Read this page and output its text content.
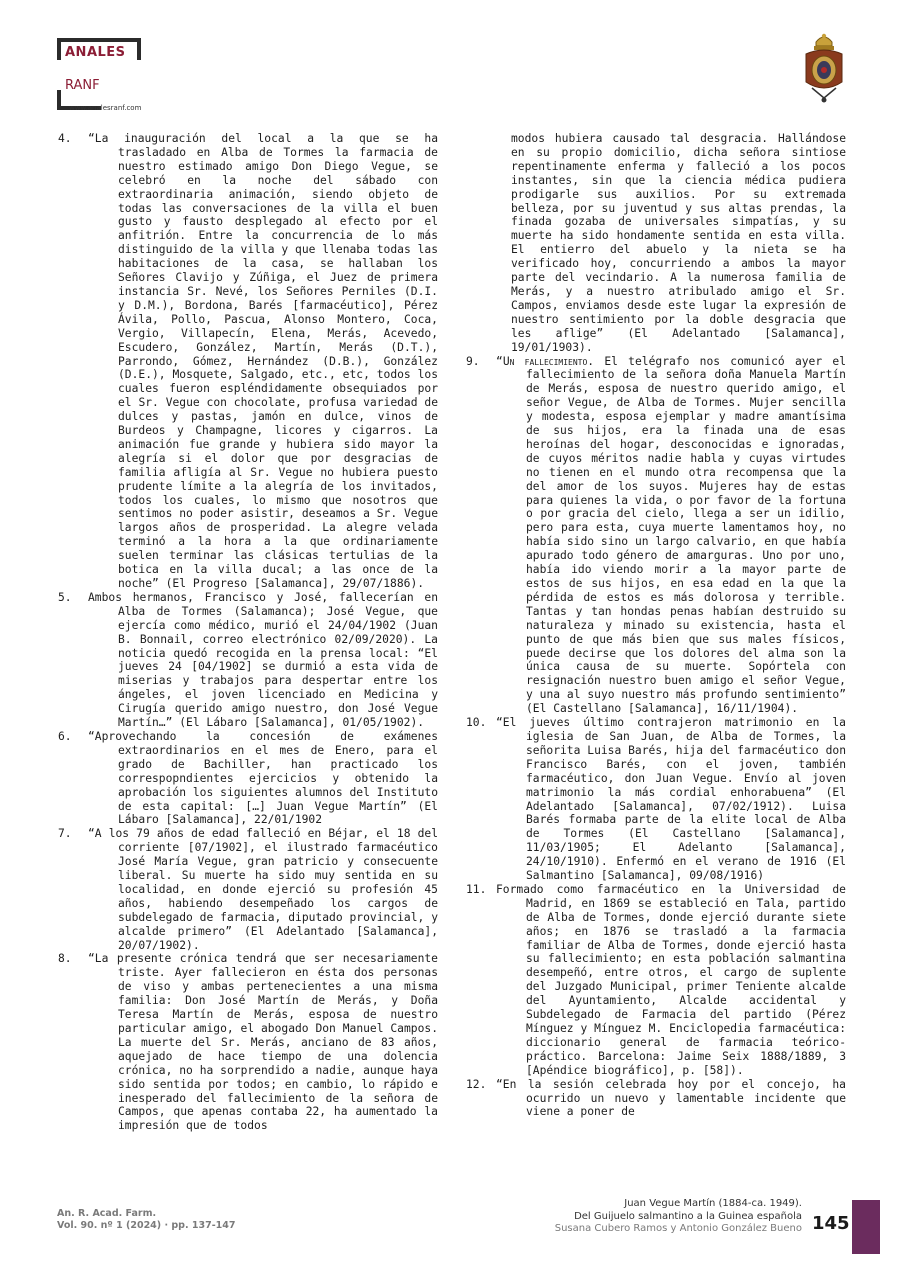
ANALES
RANF
www.analesranf.com

4. “La inauguración del local a la que se ha trasladado en Alba de Tormes la farmacia de nuestro estimado amigo Don Diego Vegue, se celebró en la noche del sábado con extraordinaria animación, siendo objeto de todas las conversaciones de la villa el buen gusto y fausto desplegado al efecto por el anfitrión. Entre la concurrencia de lo más distinguido de la villa y que llenaba todas las habitaciones de la casa, se hallaban los Señores Clavijo y Zúñiga, el Juez de primera instancia Sr. Nevé, los Señores Perniles (D.I. y D.M.), Bordona, Barés [farmacéutico], Pérez Ávila, Pollo, Pascua, Alonso Montero, Coca, Vergio, Villapecín, Elena, Merás, Acevedo, Escudero, González, Martín, Merás (D.T.), Parrondo, Gómez, Hernández (D.B.), González (D.E.), Mosquete, Salgado, etc., etc, todos los cuales fueron espléndidamente obsequiados por el Sr. Vegue con chocolate, profusa variedad de dulces y pastas, jamón en dulce, vinos de Burdeos y Champagne, licores y cigarros. La animación fue grande y hubiera sido mayor la alegría si el dolor que por desgracias de familia afligía al Sr. Vegue no hubiera puesto prudente límite a la alegría de los invitados, todos los cuales, lo mismo que nosotros que sentimos no poder asistir, deseamos a Sr. Vegue largos años de prosperidad. La alegre velada terminó a la hora a la que ordinariamente suelen terminar las clásicas tertulias de la botica en la villa ducal; a las once de la noche” (El Progreso [Salamanca], 29/07/1886).

5. Ambos hermanos, Francisco y José, fallecerían en Alba de Tormes (Salamanca); José Vegue, que ejercía como médico, murió el 24/04/1902 (Juan B. Bonnail, correo electrónico 02/09/2020). La noticia quedó recogida en la prensa local: “El jueves 24 [04/1902] se durmió a esta vida de miserias y trabajos para despertar entre los ángeles, el joven licenciado en Medicina y Cirugía querido amigo nuestro, don José Vegue Martín…” (El Lábaro [Salamanca], 01/05/1902).

6. “Aprovechando la concesión de exámenes extraordinarios en el mes de Enero, para el grado de Bachiller, han practicado los correspopndientes ejercicios y obtenido la aprobación los siguientes alumnos del Instituto de esta capital: […] Juan Vegue Martín” (El Lábaro [Salamanca], 22/01/1902

7. “A los 79 años de edad falleció en Béjar, el 18 del corriente [07/1902], el ilustrado farmacéutico José María Vegue, gran patricio y consecuente liberal. Su muerte ha sido muy sentida en su localidad, en donde ejerció su profesión 45 años, habiendo desempeñado los cargos de subdelegado de farmacia, diputado provincial, y alcalde primero” (El Adelantado [Salamanca], 20/07/1902).

8. “La presente crónica tendrá que ser necesariamente triste. Ayer fallecieron en ésta dos personas de viso y ambas pertenecientes a una misma familia: Don José Martín de Merás, y Doña Teresa Martín de Merás, esposa de nuestro particular amigo, el abogado Don Manuel Campos. La muerte del Sr. Merás, anciano de 83 años, aquejado de hace tiempo de una dolencia crónica, no ha sorprendido a nadie, aunque haya sido sentida por todos; en cambio, lo rápido e inesperado del fallecimiento de la señora de Campos, que apenas contaba 22, ha aumentado la impresión que de todos

modos hubiera causado tal desgracia. Hallándose en su propio domicilio, dicha señora sintiose repentinamente enferma y falleció a los pocos instantes, sin que la ciencia médica pudiera prodigarle sus auxilios. Por su extremada belleza, por su juventud y sus altas prendas, la finada gozaba de universales simpatías, y su muerte ha sido hondamente sentida en esta villa. El entierro del abuelo y la nieta se ha verificado hoy, concurriendo a ambos la mayor parte del vecindario. A la numerosa familia de Merás, y a nuestro atribulado amigo el Sr. Campos, enviamos desde este lugar la expresión de nuestro sentimiento por la doble desgracia que les aflige” (El Adelantado [Salamanca], 19/01/1903).

9. “Un fallecimiento. El telégrafo nos comunicó ayer el fallecimiento de la señora doña Manuela Martín de Merás, esposa de nuestro querido amigo, el señor Vegue, de Alba de Tormes. Mujer sencilla y modesta, esposa ejemplar y madre amantísima de sus hijos, era la finada una de esas heroínas del hogar, desconocidas e ignoradas, de cuyos méritos nadie habla y cuyas virtudes no tienen en el mundo otra recompensa que la del amor de los suyos. Mujeres hay de estas para quienes la vida, o por favor de la fortuna o por gracia del cielo, llega a ser un idilio, pero para esta, cuya muerte lamentamos hoy, no había sido sino un largo calvario, en que había apurado todo género de amarguras. Uno por uno, había ido viendo morir a la mayor parte de estos de sus hijos, en esa edad en la que la pérdida de estos es más dolorosa y terrible. Tantas y tan hondas penas habían destruido su naturaleza y minado su existencia, hasta el punto de que más bien que sus males físicos, puede decirse que los dolores del alma son la única causa de su muerte. Sopórtela con resignación nuestro buen amigo el señor Vegue, y una al suyo nuestro más profundo sentimiento” (El Castellano [Salamanca], 16/11/1904).

10. “El jueves último contrajeron matrimonio en la iglesia de San Juan, de Alba de Tormes, la señorita Luisa Barés, hija del farmacéutico don Francisco Barés, con el joven, también farmacéutico, don Juan Vegue. Envío al joven matrimonio la más cordial enhorabuena” (El Adelantado [Salamanca], 07/02/1912). Luisa Barés formaba parte de la elite local de Alba de Tormes (El Castellano [Salamanca], 11/03/1905; El Adelanto [Salamanca], 24/10/1910). Enfermó en el verano de 1916 (El Salmantino [Salamanca], 09/08/1916)

11. Formado como farmacéutico en la Universidad de Madrid, en 1869 se estableció en Tala, partido de Alba de Tormes, donde ejerció durante siete años; en 1876 se trasladó a la farmacia familiar de Alba de Tormes, donde ejerció hasta su fallecimiento; en esta población salmantina desempeñó, entre otros, el cargo de suplente del Juzgado Municipal, primer Teniente alcalde del Ayuntamiento, Alcalde accidental y Subdelegado de Farmacia del partido (Pérez Mínguez y Mínguez M. Enciclopedia farmacéutica: diccionario general de farmacia teórico-práctico. Barcelona: Jaime Seix 1888/1889, 3 [Apéndice biográfico], p. [58]).

12. “En la sesión celebrada hoy por el concejo, ha ocurrido un nuevo y lamentable incidente que viene a poner de

An. R. Acad. Farm.
Vol. 90. nº 1 (2024) · pp. 137-147
Juan Vegue Martín (1884-ca. 1949).
Del Guijuelo salmantino a la Guinea española
Susana Cubero Ramos y Antonio González Bueno 145
